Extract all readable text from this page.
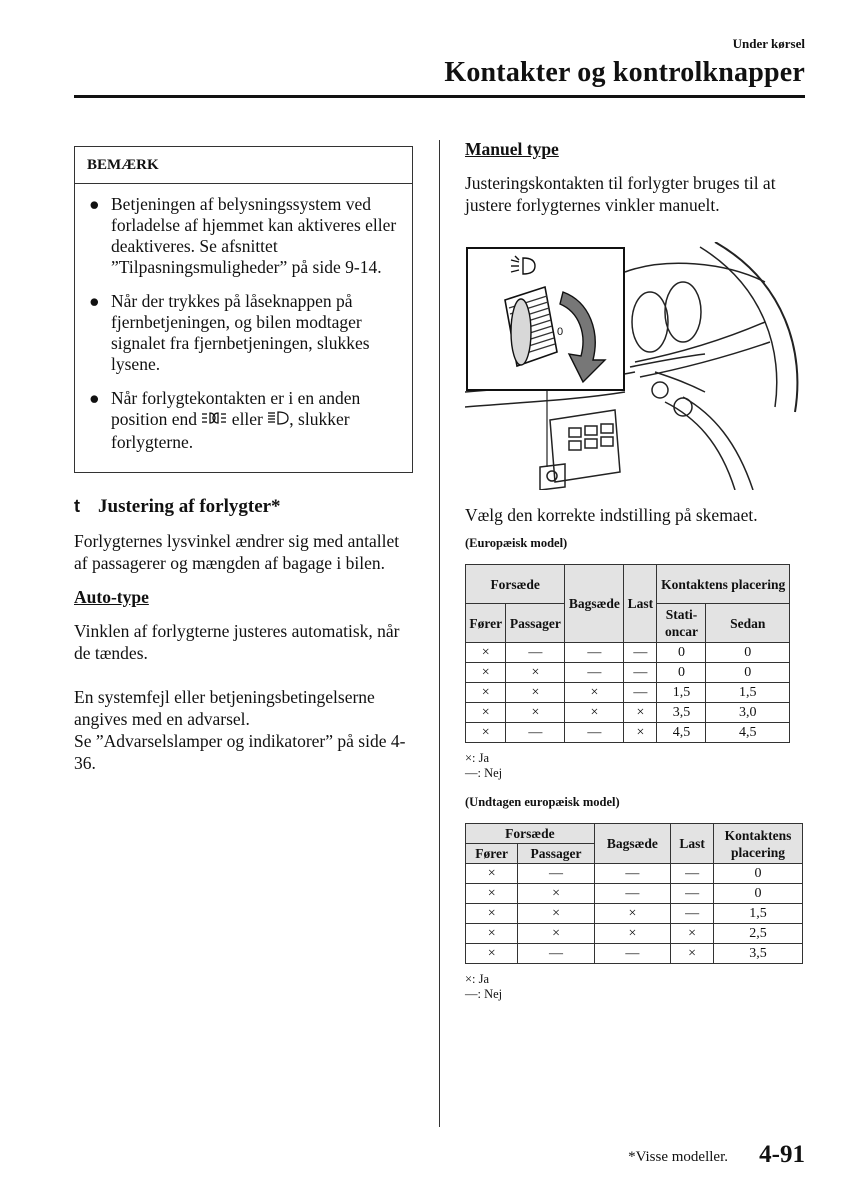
Under kørsel
Kontakter og kontrolknapper
BEMÆRK
● Betjeningen af belysningssystem ved forladelse af hjemmet kan aktiveres eller deaktiveres. Se afsnittet ”Tilpasningsmuligheder” på side 9-14.
● Når der trykkes på låseknappen på fjernbetjeningen, og bilen modtager signalet fra fjernbetjeningen, slukkes lysene.
● Når forlygtekontakten er i en anden position end  eller , slukker forlygterne.
t Justering af forlygter*

Forlygternes lysvinkel ændrer sig med antallet af passagerer og mængden af bagage i bilen.

Auto-type

Vinklen af forlygterne justeres automatisk, når de tændes.

En systemfejl eller betjeningsbetingelserne angives med en advarsel.

Se ”Advarselslamper og indikatorer” på side 4-36.

Manuel type

Justeringskontakten til forlygter bruges til at justere forlygternes vinkler manuelt.

0

Vælg den korrekte indstilling på skemaet.

(Europæisk model)
Forsæde		Bagsæde	Last	Kontaktens placering	
Fører	Passager			Stati-oncar	Sedan
×	—	—	—	0	0
×	×	—	—	0	0
×	×	×	—	1,5	1,5
×	×	×	×	3,5	3,0
×	—	—	×	4,5	4,5
×: Ja
—: Nej
(Undtagen europæisk model)
Forsæde		Bagsæde	Last	Kontaktens placering
Fører	Passager			
×	—	—	—	0
×	×	—	—	0
×	×	×	—	1,5
×	×	×	×	2,5
×	—	—	×	3,5
×: Ja
—: Nej
*Visse modeller. 4-91
